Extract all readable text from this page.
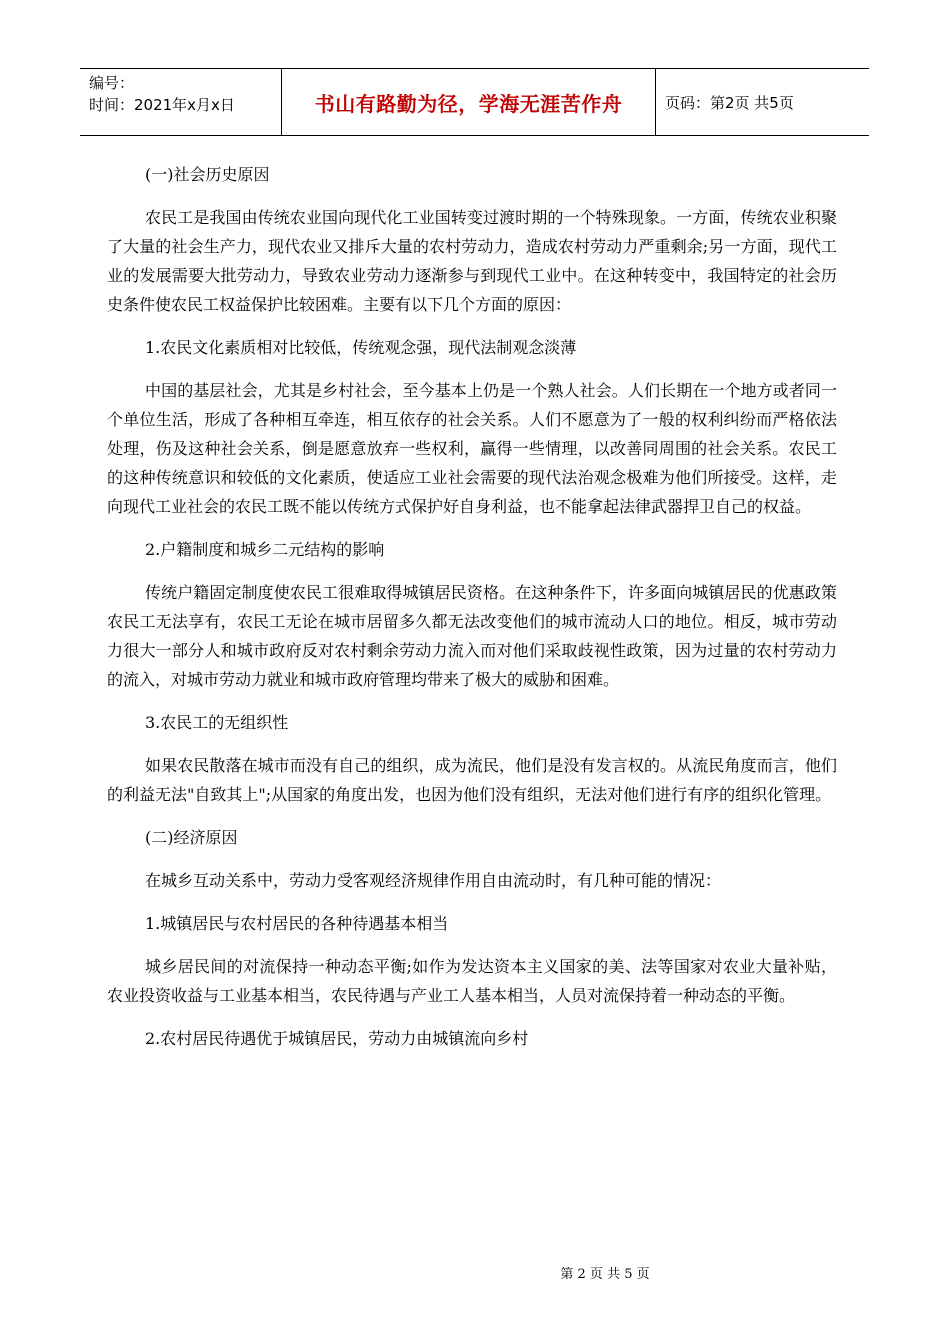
编号：
时间：2021年x月x日	书山有路勤为径，学海无涯苦作舟	页码：第2页 共5页
(一)社会历史原因
农民工是我国由传统农业国向现代化工业国转变过渡时期的一个特殊现象。一方面，传统农业积聚了大量的社会生产力，现代农业又排斥大量的农村劳动力，造成农村劳动力严重剩余;另一方面，现代工业的发展需要大批劳动力，导致农业劳动力逐渐参与到现代工业中。在这种转变中，我国特定的社会历史条件使农民工权益保护比较困难。主要有以下几个方面的原因：
1.农民文化素质相对比较低，传统观念强，现代法制观念淡薄
中国的基层社会，尤其是乡村社会，至今基本上仍是一个熟人社会。人们长期在一个地方或者同一个单位生活，形成了各种相互牵连，相互依存的社会关系。人们不愿意为了一般的权利纠纷而严格依法处理，伤及这种社会关系，倒是愿意放弃一些权利，赢得一些情理，以改善同周围的社会关系。农民工的这种传统意识和较低的文化素质，使适应工业社会需要的现代法治观念极难为他们所接受。这样，走向现代工业社会的农民工既不能以传统方式保护好自身利益，也不能拿起法律武器捍卫自己的权益。
2.户籍制度和城乡二元结构的影响
传统户籍固定制度使农民工很难取得城镇居民资格。在这种条件下，许多面向城镇居民的优惠政策农民工无法享有，农民工无论在城市居留多久都无法改变他们的城市流动人口的地位。相反，城市劳动力很大一部分人和城市政府反对农村剩余劳动力流入而对他们采取歧视性政策，因为过量的农村劳动力的流入，对城市劳动力就业和城市政府管理均带来了极大的威胁和困难。
3.农民工的无组织性
如果农民散落在城市而没有自己的组织，成为流民，他们是没有发言权的。从流民角度而言，他们的利益无法"自致其上";从国家的角度出发，也因为他们没有组织，无法对他们进行有序的组织化管理。
(二)经济原因
在城乡互动关系中，劳动力受客观经济规律作用自由流动时，有几种可能的情况：
1.城镇居民与农村居民的各种待遇基本相当
城乡居民间的对流保持一种动态平衡;如作为发达资本主义国家的美、法等国家对农业大量补贴，农业投资收益与工业基本相当，农民待遇与产业工人基本相当，人员对流保持着一种动态的平衡。
2.农村居民待遇优于城镇居民，劳动力由城镇流向乡村
第 2 页 共 5 页
